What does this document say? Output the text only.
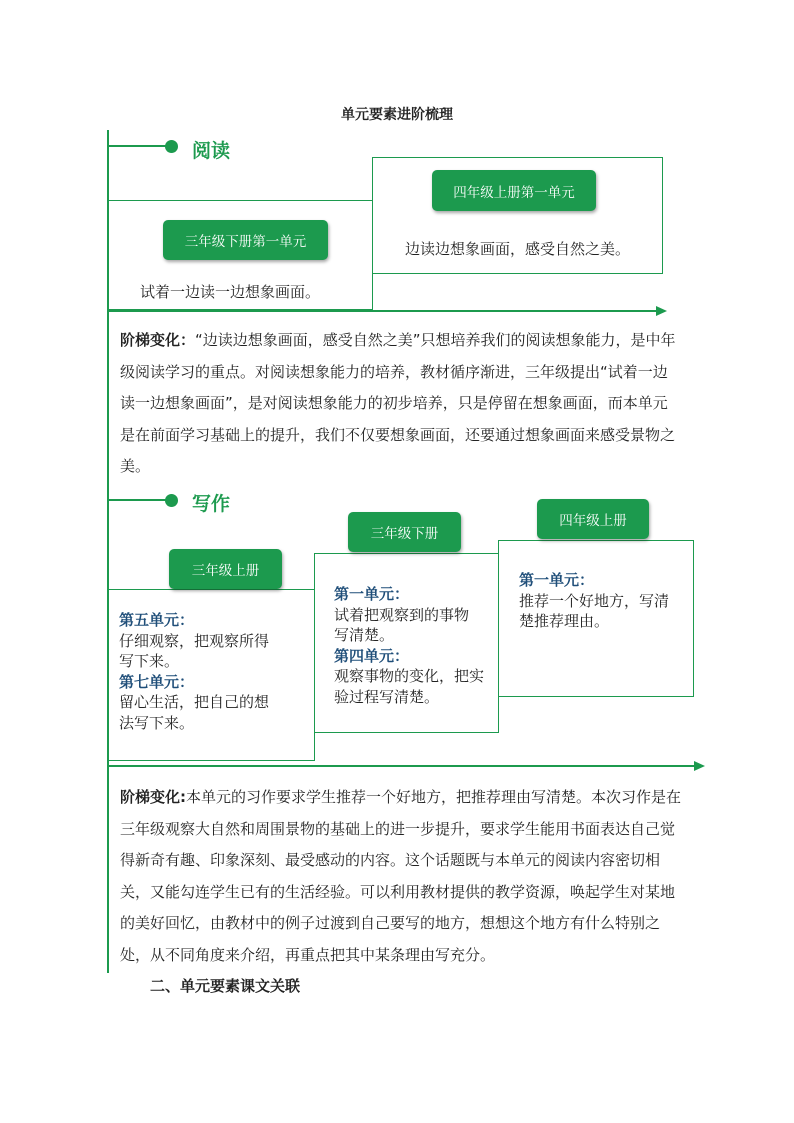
单元要素进阶梳理
阅读
三年级下册第一单元
试着一边读一边想象画面。
四年级上册第一单元
边读边想象画面，感受自然之美。
阶梯变化：“边读边想象画面，感受自然之美”只想培养我们的阅读想象能力，是中年级阅读学习的重点。对阅读想象能力的培养，教材循序渐进，三年级提出“试着一边读一边想象画面”，是对阅读想象能力的初步培养，只是停留在想象画面，而本单元是在前面学习基础上的提升，我们不仅要想象画面，还要通过想象画面来感受景物之美。
写作
三年级上册
第五单元：
仔细观察，把观察所得
写下来。
第七单元：
留心生活，把自己的想
法写下来。
三年级下册
第一单元：
试着把观察到的事物
写清楚。
第四单元：
观察事物的变化，把实
验过程写清楚。
四年级上册
第一单元：
推荐一个好地方，写清
楚推荐理由。
阶梯变化:本单元的习作要求学生推荐一个好地方，把推荐理由写清楚。本次习作是在三年级观察大自然和周围景物的基础上的进一步提升，要求学生能用书面表达自己觉得新奇有趣、印象深刻、最受感动的内容。这个话题既与本单元的阅读内容密切相关，又能勾连学生已有的生活经验。可以利用教材提供的教学资源，唤起学生对某地的美好回忆，由教材中的例子过渡到自己要写的地方，想想这个地方有什么特别之处，从不同角度来介绍，再重点把其中某条理由写充分。
二、单元要素课文关联
